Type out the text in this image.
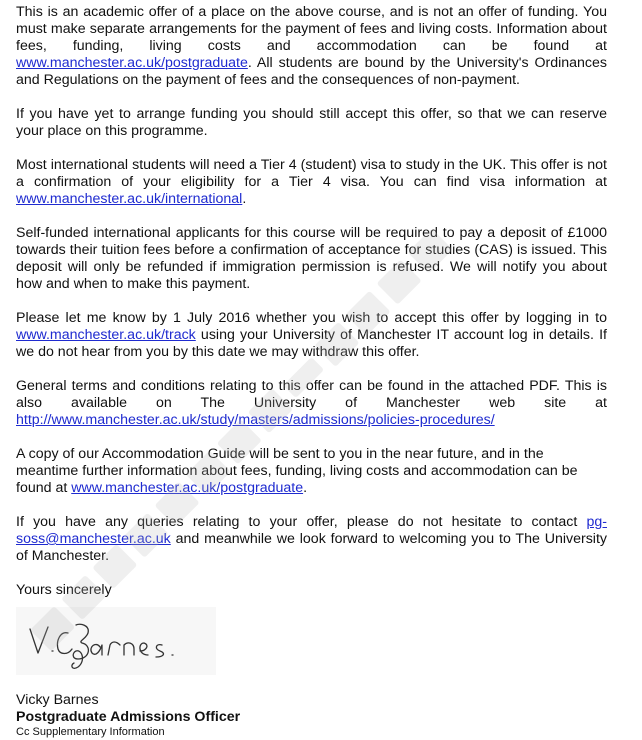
This is an academic offer of a place on the above course, and is not an offer of funding. You must make separate arrangements for the payment of fees and living costs. Information about fees, funding, living costs and accommodation can be found at www.manchester.ac.uk/postgraduate. All students are bound by the University's Ordinances and Regulations on the payment of fees and the consequences of non-payment.

If you have yet to arrange funding you should still accept this offer, so that we can reserve your place on this programme.

Most international students will need a Tier 4 (student) visa to study in the UK. This offer is not a confirmation of your eligibility for a Tier 4 visa. You can find visa information at www.manchester.ac.uk/international.

Self-funded international applicants for this course will be required to pay a deposit of £1000 towards their tuition fees before a confirmation of acceptance for studies (CAS) is issued. This deposit will only be refunded if immigration permission is refused. We will notify you about how and when to make this payment.

Please let me know by 1 July 2016 whether you wish to accept this offer by logging in to www.manchester.ac.uk/track using your University of Manchester IT account log in details. If we do not hear from you by this date we may withdraw this offer.

General terms and conditions relating to this offer can be found in the attached PDF. This is also available on The University of Manchester web site at http://www.manchester.ac.uk/study/masters/admissions/policies-procedures/

A copy of our Accommodation Guide will be sent to you in the near future, and in the meantime further information about fees, funding, living costs and accommodation can be found at www.manchester.ac.uk/postgraduate.

If you have any queries relating to your offer, please do not hesitate to contact pg-soss@manchester.ac.uk and meanwhile we look forward to welcoming you to The University of Manchester.

Yours sincerely

Vicky Barnes
Postgraduate Admissions Officer
Cc Supplementary Information
